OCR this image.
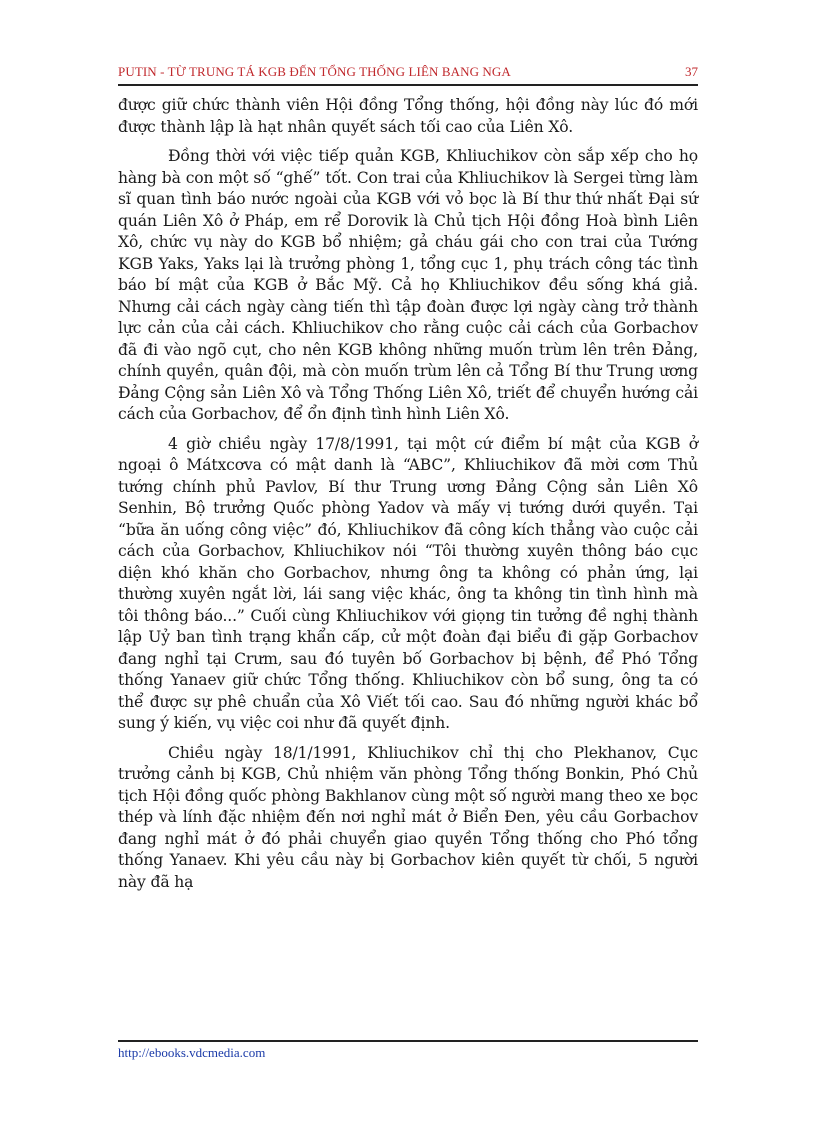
PUTIN - TỪ TRUNG TÁ KGB ĐẾN TỔNG THỐNG LIÊN BANG NGA	37

được giữ chức thành viên Hội đồng Tổng thống, hội đồng này lúc đó mới được thành lập là hạt nhân quyết sách tối cao của Liên Xô.

Đồng thời với việc tiếp quản KGB, Khliuchikov còn sắp xếp cho họ hàng bà con một số “ghế” tốt. Con trai của Khliuchikov là Sergei từng làm sĩ quan tình báo nước ngoài của KGB với vỏ bọc là Bí thư thứ nhất Đại sứ quán Liên Xô ở Pháp, em rể Dorovik là Chủ tịch Hội đồng Hoà bình Liên Xô, chức vụ này do KGB bổ nhiệm; gả cháu gái cho con trai của Tướng KGB Yaks, Yaks lại là trưởng phòng 1, tổng cục 1, phụ trách công tác tình báo bí mật của KGB ở Bắc Mỹ. Cả họ Khliuchikov đều sống khá giả. Nhưng cải cách ngày càng tiến thì tập đoàn được lợi ngày càng trở thành lực cản của cải cách. Khliuchikov cho rằng cuộc cải cách của Gorbachov đã đi vào ngõ cụt, cho nên KGB không những muốn trùm lên trên Đảng, chính quyền, quân đội, mà còn muốn trùm lên cả Tổng Bí thư Trung ương Đảng Cộng sản Liên Xô và Tổng Thống Liên Xô, triết để chuyển hướng cải cách của Gorbachov, để ổn định tình hình Liên Xô.

4 giờ chiều ngày 17/8/1991, tại một cứ điểm bí mật của KGB ở ngoại ô Mátxcơva có mật danh là “ABC”, Khliuchikov đã mời cơm Thủ tướng chính phủ Pavlov, Bí thư Trung ương Đảng Cộng sản Liên Xô Senhin, Bộ trưởng Quốc phòng Yadov và mấy vị tướng dưới quyền. Tại “bữa ăn uống công việc” đó, Khliuchikov đã công kích thẳng vào cuộc cải cách của Gorbachov, Khliuchikov nói “Tôi thường xuyên thông báo cục diện khó khăn cho Gorbachov, nhưng ông ta không có phản ứng, lại thường xuyên ngắt lời, lái sang việc khác, ông ta không tin tình hình mà tôi thông báo...” Cuối cùng Khliuchikov với giọng tin tưởng đề nghị thành lập Uỷ ban tình trạng khẩn cấp, cử một đoàn đại biểu đi gặp Gorbachov đang nghỉ tại Crưm, sau đó tuyên bố Gorbachov bị bệnh, để Phó Tổng thống Yanaev giữ chức Tổng thống. Khliuchikov còn bổ sung, ông ta có thể được sự phê chuẩn của Xô Viết tối cao. Sau đó những người khác bổ sung ý kiến, vụ việc coi như đã quyết định.

Chiều ngày 18/1/1991, Khliuchikov chỉ thị cho Plekhanov, Cục trưởng cảnh bị KGB, Chủ nhiệm văn phòng Tổng thống Bonkin, Phó Chủ tịch Hội đồng quốc phòng Bakhlanov cùng một số người mang theo xe bọc thép và lính đặc nhiệm đến nơi nghỉ mát ở Biển Đen, yêu cầu Gorbachov đang nghỉ mát ở đó phải chuyển giao quyền Tổng thống cho Phó tổng thống Yanaev. Khi yêu cầu này bị Gorbachov kiên quyết từ chối, 5 người này đã hạ

http://ebooks.vdcmedia.com
